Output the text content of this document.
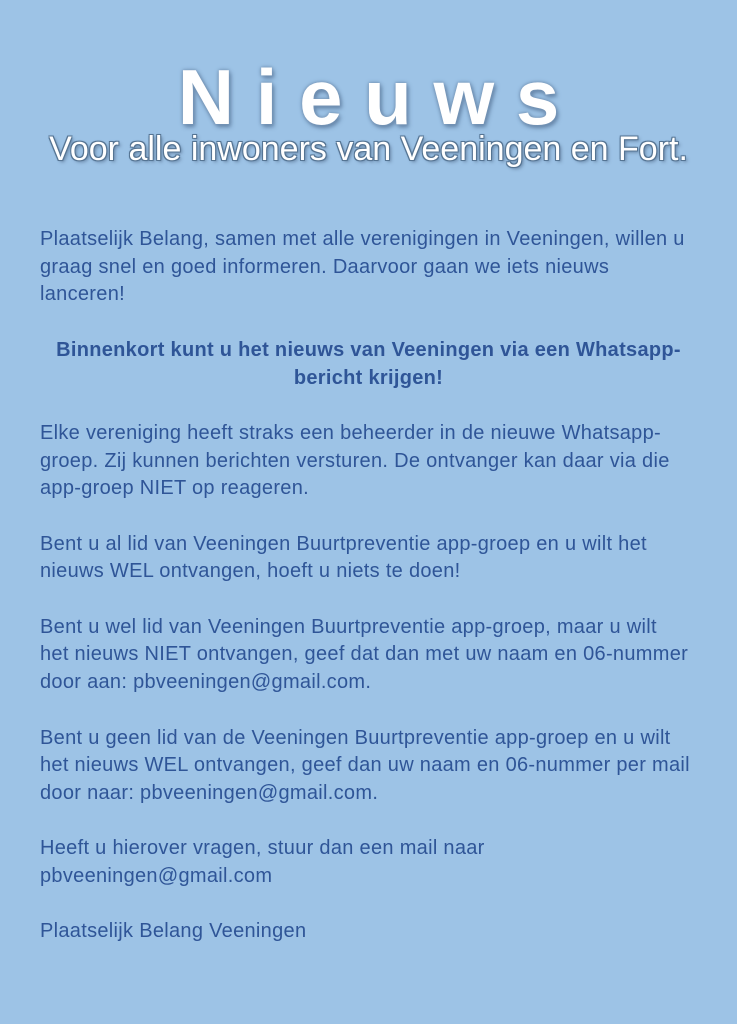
N i e u w s
Voor alle inwoners van Veeningen en Fort.

Plaatselijk Belang, samen met alle verenigingen in Veeningen, willen u
graag snel en goed informeren. Daarvoor gaan we iets nieuws
lanceren!

Binnenkort kunt u het nieuws van Veeningen via een Whatsapp-
bericht krijgen!

Elke vereniging heeft straks een beheerder in de nieuwe Whatsapp-
groep. Zij kunnen berichten versturen. De ontvanger kan daar via die
app-groep NIET op reageren.

Bent u al lid van Veeningen Buurtpreventie app-groep en u wilt het
nieuws WEL ontvangen, hoeft u niets te doen!

Bent u wel lid van Veeningen Buurtpreventie app-groep, maar u wilt
het nieuws NIET ontvangen, geef dat dan met uw naam en 06-nummer
door aan: pbveeningen@gmail.com.

Bent u geen lid van de Veeningen Buurtpreventie app-groep en u wilt
het nieuws WEL ontvangen, geef dan uw naam en 06-nummer per mail
door naar: pbveeningen@gmail.com.

Heeft u hierover vragen, stuur dan een mail naar
pbveeningen@gmail.com

Plaatselijk Belang Veeningen
